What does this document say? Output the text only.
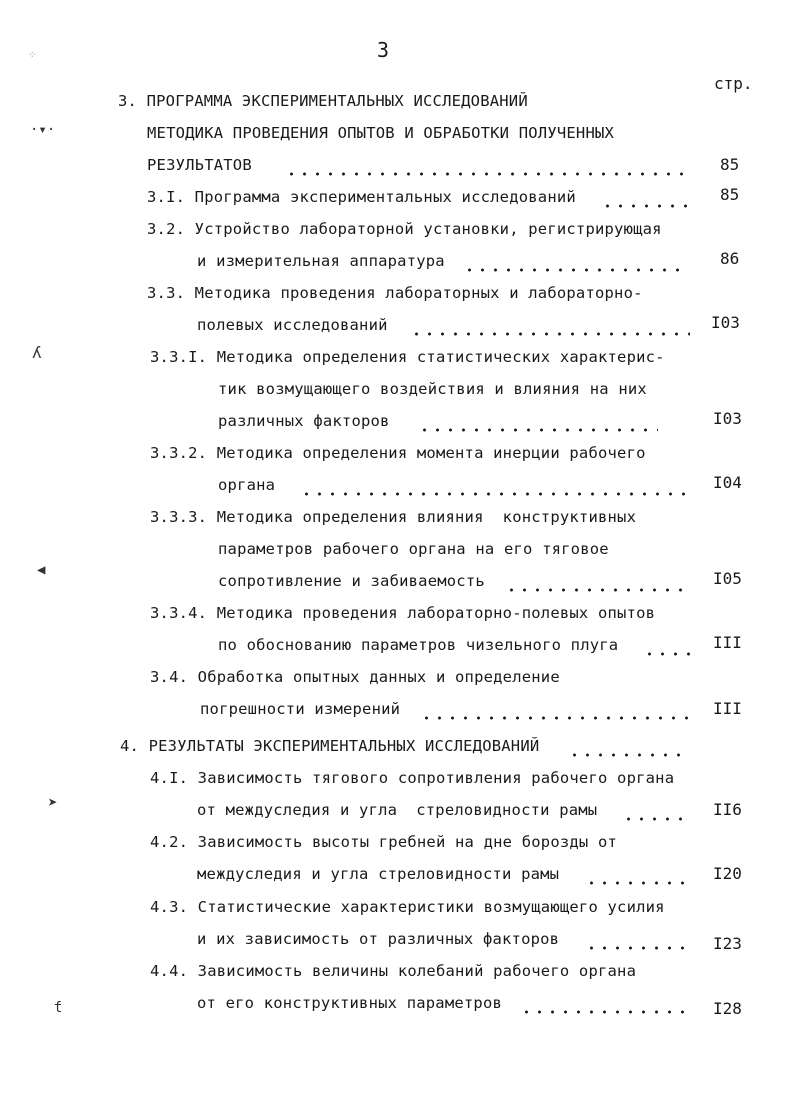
3
стр.
⁘
·▾·
ʎ
◀
➤
ƭ
3. ПРОГРАММА ЭКСПЕРИМЕНТАЛЬНЫХ ИССЛЕДОВАНИЙ
МЕТОДИКА ПРОВЕДЕНИЯ ОПЫТОВ И ОБРАБОТКИ ПОЛУЧЕННЫХ
РЕЗУЛЬТАТОВ	85
3.I. Программа экспериментальных исследований	85
3.2. Устройство лабораторной установки, регистрирующая
и измерительная аппаратура	86
3.3. Методика проведения лабораторных и лабораторно-
полевых исследований	I03
3.3.I. Методика определения статистических характерис-
тик возмущающего воздействия и влияния на них
различных факторов	I03
3.3.2. Методика определения момента инерции рабочего
органа	I04
3.3.3. Методика определения влияния  конструктивных
параметров рабочего органа на его тяговое
сопротивление и забиваемость	I05
3.3.4. Методика проведения лабораторно-полевых опытов
по обоснованию параметров чизельного плуга	III
3.4. Обработка опытных данных и определение
погрешности измерений	III
4. РЕЗУЛЬТАТЫ ЭКСПЕРИМЕНТАЛЬНЫХ ИССЛЕДОВАНИЙ
4.I. Зависимость тягового сопротивления рабочего органа
от междуследия и угла  стреловидности рамы	II6
4.2. Зависимость высоты гребней на дне борозды от
междуследия и угла стреловидности рамы	I20
4.3. Статистические характеристики возмущающего усилия
и их зависимость от различных факторов	I23
4.4. Зависимость величины колебаний рабочего органа
от его конструктивных параметров	I28
